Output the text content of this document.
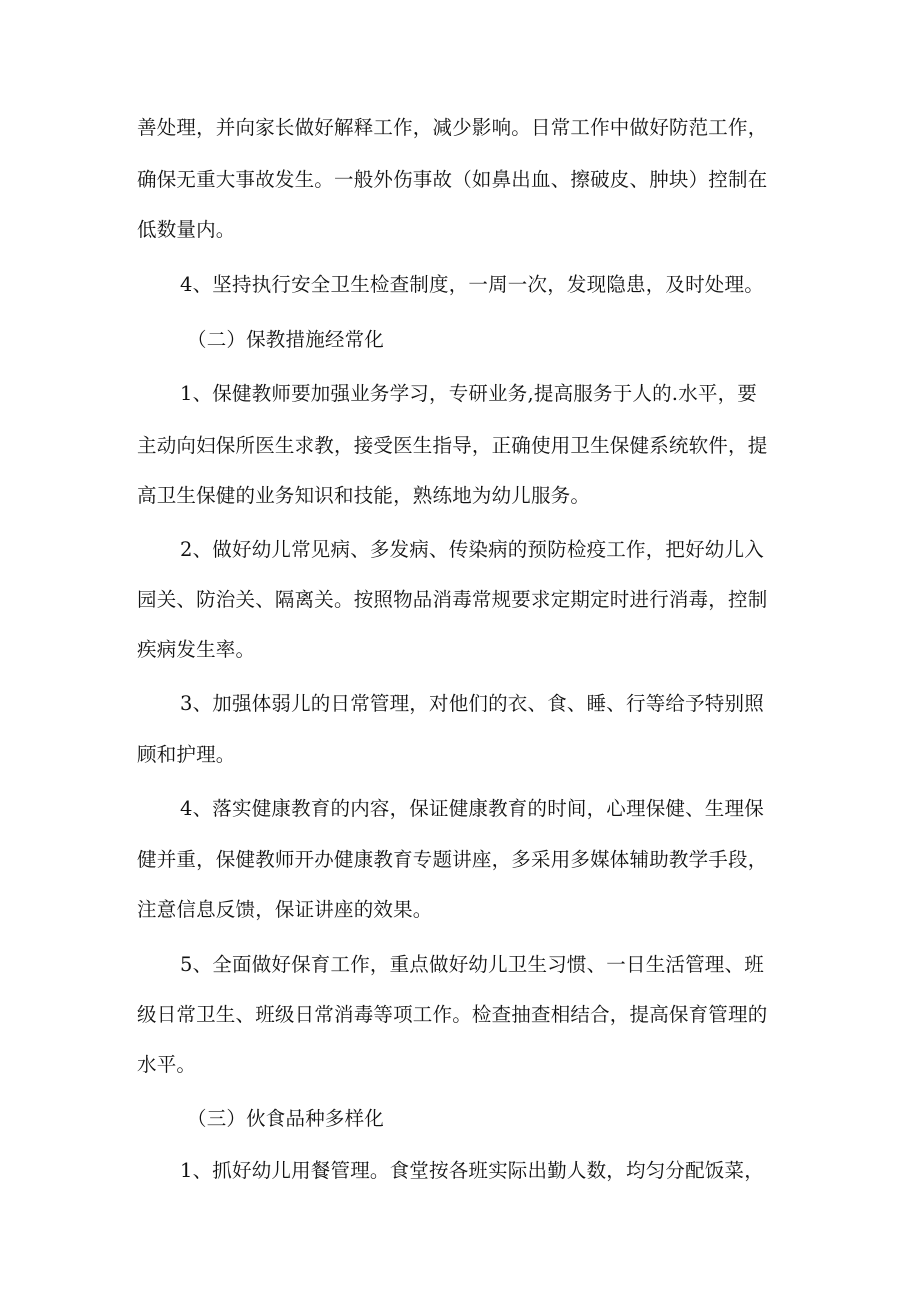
善处理，并向家长做好解释工作，减少影响。日常工作中做好防范工作，
确保无重大事故发生。一般外伤事故（如鼻出血、擦破皮、肿块）控制在
低数量内。
4、坚持执行安全卫生检查制度，一周一次，发现隐患，及时处理。
（二）保教措施经常化
1、保健教师要加强业务学习，专研业务,提高服务于人的.水平，要
主动向妇保所医生求教，接受医生指导，正确使用卫生保健系统软件，提
高卫生保健的业务知识和技能，熟练地为幼儿服务。
2、做好幼儿常见病、多发病、传染病的预防检疫工作，把好幼儿入
园关、防治关、隔离关。按照物品消毒常规要求定期定时进行消毒，控制
疾病发生率。
3、加强体弱儿的日常管理，对他们的衣、食、睡、行等给予特别照
顾和护理。
4、落实健康教育的内容，保证健康教育的时间，心理保健、生理保
健并重，保健教师开办健康教育专题讲座，多采用多媒体辅助教学手段，
注意信息反馈，保证讲座的效果。
5、全面做好保育工作，重点做好幼儿卫生习惯、一日生活管理、班
级日常卫生、班级日常消毒等项工作。检查抽查相结合，提高保育管理的
水平。
（三）伙食品种多样化
1、抓好幼儿用餐管理。食堂按各班实际出勤人数，均匀分配饭菜，
